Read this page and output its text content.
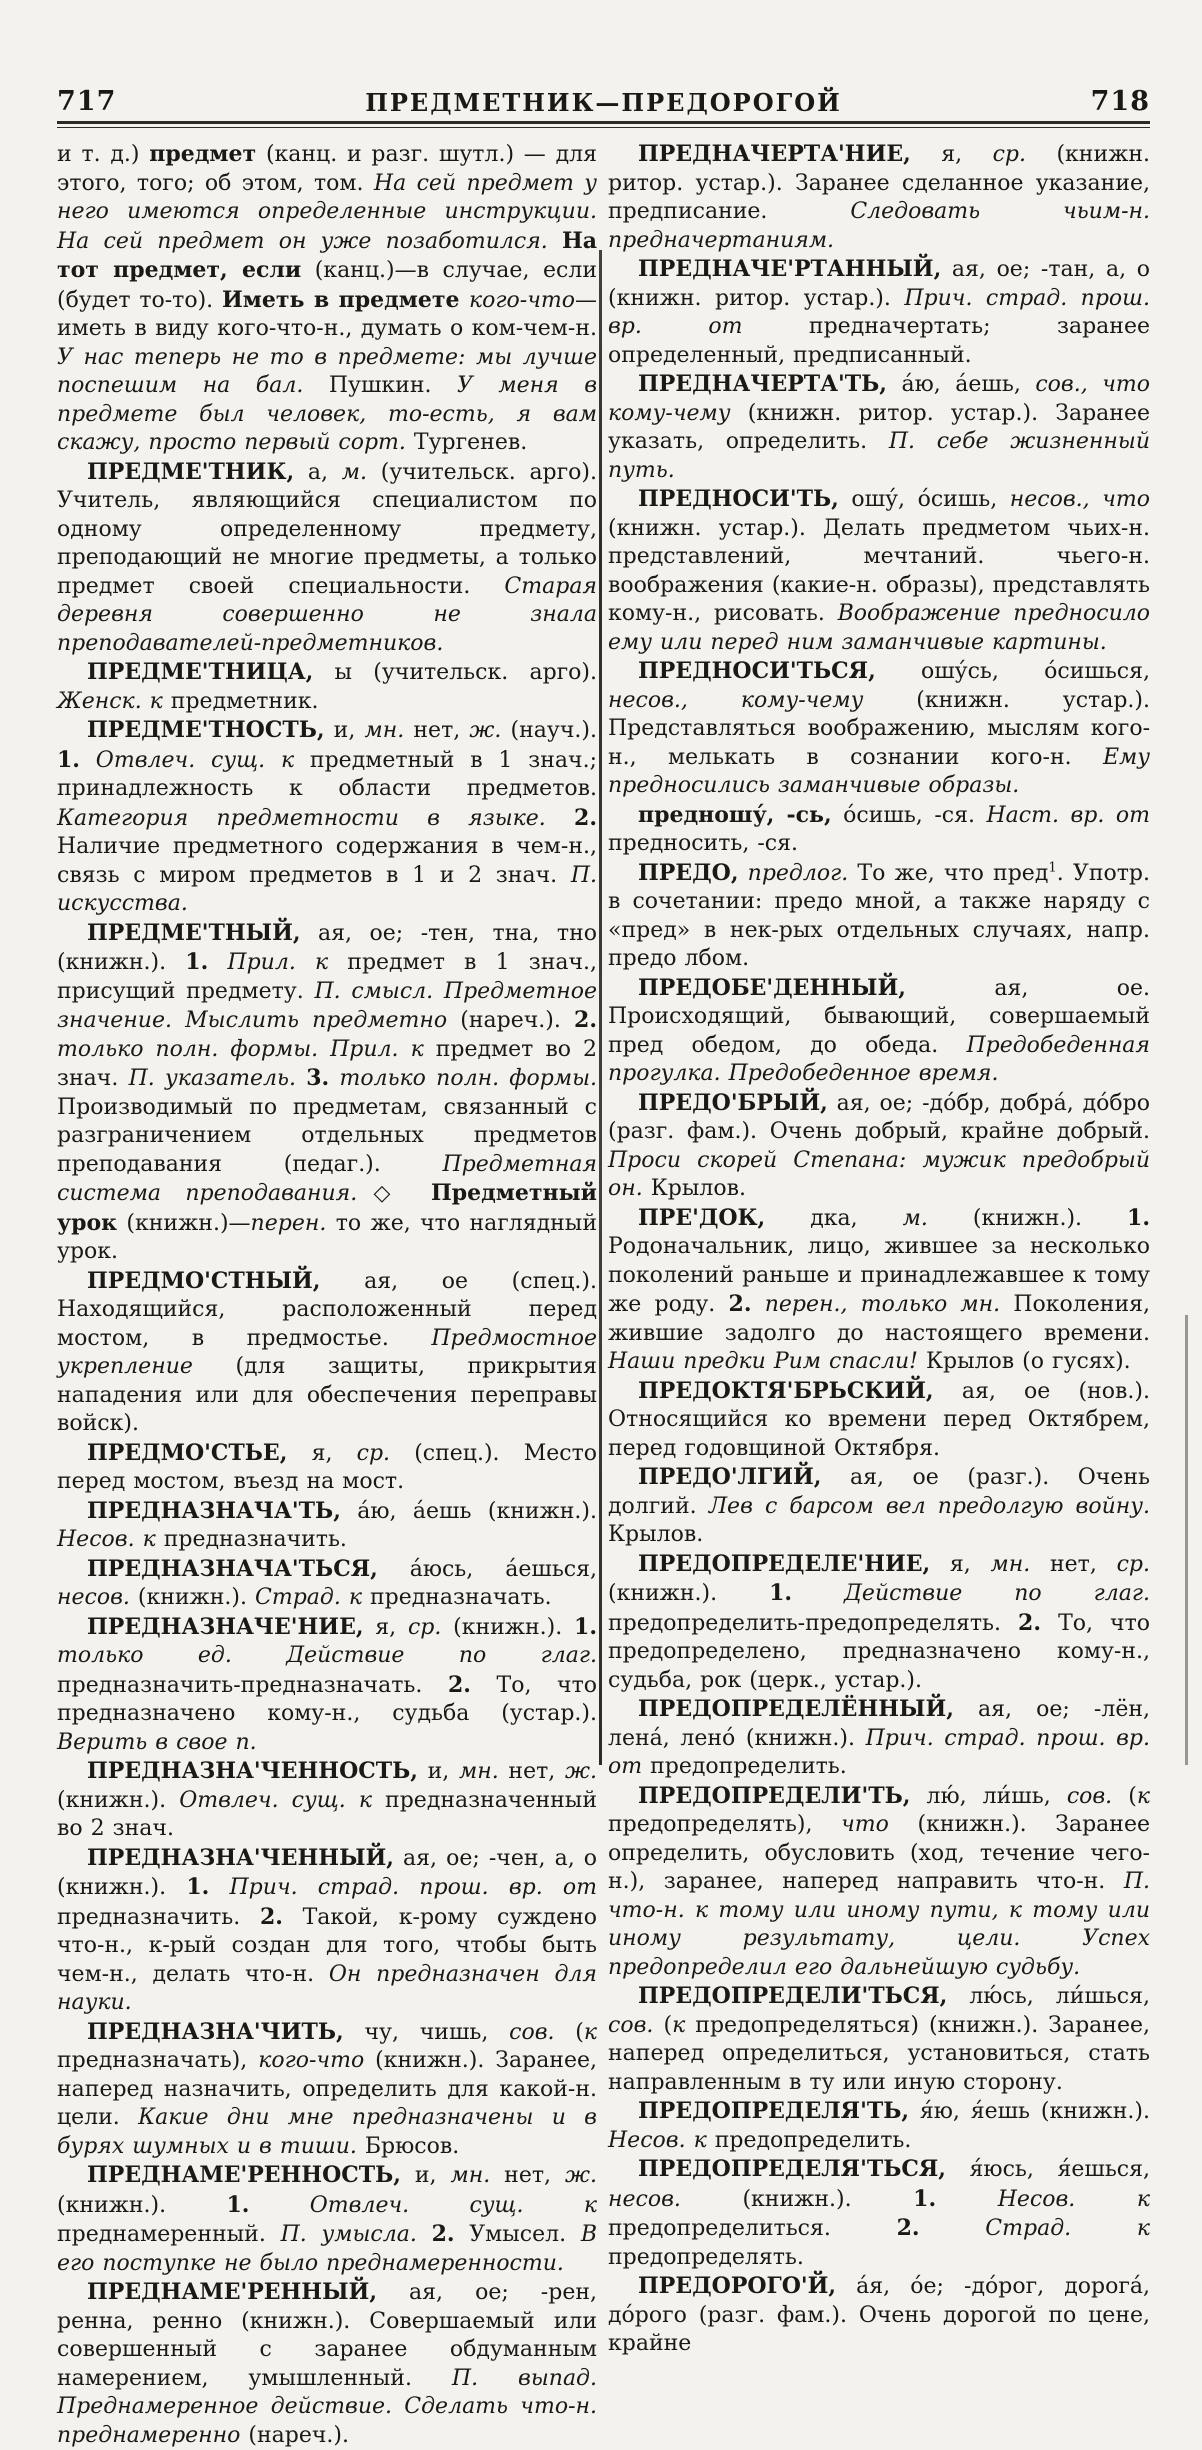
717	ПРЕДМЕТНИК—ПРЕДОРОГОЙ	718

и т. д.) предмет (канц. и разг. шутл.) — для этого, того; об этом, том. На сей предмет у него имеются определенные инструкции. На сей предмет он уже позаботился. На тот предмет, если (канц.)—в случае, если (будет то-то). Иметь в предмете кого-что—иметь в виду кого-что-н., думать о ком-чем-н. У нас теперь не то в предмете: мы лучше поспешим на бал. Пушкин. У меня в предмете был человек, то-есть, я вам скажу, просто первый сорт. Тургенев.

ПРЕДМЕ'ТНИК, а, м. (учительск. арго). Учитель, являющийся специалистом по одному определенному предмету, преподающий не многие предметы, а только предмет своей специальности. Старая деревня совершенно не знала преподавателей-предметников.

ПРЕДМЕ'ТНИЦА, ы (учительск. арго). Женск. к предметник.

ПРЕДМЕ'ТНОСТЬ, и, мн. нет, ж. (науч.). 1. Отвлеч. сущ. к предметный в 1 знач.; принадлежность к области предметов. Категория предметности в языке. 2. Наличие предметного содержания в чем-н., связь с миром предметов в 1 и 2 знач. П. искусства.

ПРЕДМЕ'ТНЫЙ, ая, ое; -тен, тна, тно (книжн.). 1. Прил. к предмет в 1 знач., присущий предмету. П. смысл. Предметное значение. Мыслить предметно (нареч.). 2. только полн. формы. Прил. к предмет во 2 знач. П. указатель. 3. только полн. формы. Производимый по предметам, связанный с разграничением отдельных предметов преподавания (педаг.). Предметная система преподавания.◇ Предметный урок (книжн.)—перен. то же, что наглядный урок.

ПРЕДМО'СТНЫЙ, ая, ое (спец.). Находящийся, расположенный перед мостом, в предмостье. Предмостное укрепление (для защиты, прикрытия нападения или для обеспечения переправы войск).

ПРЕДМО'СТЬЕ, я, ср. (спец.). Место перед мостом, въезд на мост.

ПРЕДНАЗНАЧА'ТЬ, а́ю, а́ешь (книжн.). Несов. к предназначить.

ПРЕДНАЗНАЧА'ТЬСЯ, а́юсь, а́ешься, несов. (книжн.). Страд. к предназначать.

ПРЕДНАЗНАЧЕ'НИЕ, я, ср. (книжн.). 1. только ед. Действие по глаг. предназначить-предназначать. 2. То, что предназначено кому-н., судьба (устар.). Верить в свое п.

ПРЕДНАЗНА'ЧЕННОСТЬ, и, мн. нет, ж. (книжн.). Отвлеч. сущ. к предназначенный во 2 знач.

ПРЕДНАЗНА'ЧЕННЫЙ, ая, ое; -чен, а, о (книжн.). 1. Прич. страд. прош. вр. от предназначить. 2. Такой, к-рому суждено что-н., к-рый создан для того, чтобы быть чем-н., делать что-н. Он предназначен для науки.

ПРЕДНАЗНА'ЧИТЬ, чу, чишь, сов. (к предназначать), кого-что (книжн.). Заранее, наперед назначить, определить для какой-н. цели. Какие дни мне предназначены и в бурях шумных и в тиши. Брюсов.

ПРЕДНАМЕ'РЕННОСТЬ, и, мн. нет, ж. (книжн.). 1.	Отвлеч. сущ. к преднамеренный. П. умысла. 2. Умысел. В его поступке не было преднамеренности.

ПРЕДНАМЕ'РЕННЫЙ, ая, ое; -рен, ренна, ренно (книжн.). Совершаемый или совершенный с заранее обдуманным намерением, умышленный. П. выпад. Преднамеренное действие. Сделать что-н. преднамеренно (нареч.).

ПРЕДНАЧЕРТА'НИЕ, я, ср. (книжн. ритор. устар.). Заранее сделанное указание, предписание. Следовать чьим-н. предначертаниям.

ПРЕДНАЧЕ'РТАННЫЙ, ая, ое; -тан, а, о (книжн. ритор. устар.). Прич. страд. прош. вр. от предначертать; заранее определенный, предписанный.

ПРЕДНАЧЕРТА'ТЬ, а́ю, а́ешь, сов., что кому-чему (книжн. ритор. устар.). Заранее указать, определить. П. себе жизненный путь.

ПРЕДНОСИ'ТЬ, ошу́, о́сишь, несов., что (книжн. устар.). Делать предметом чьих-н. представлений, мечтаний. чьего-н. воображения (какие-н. образы), представлять кому-н., рисовать. Воображение предносило ему или перед ним заманчивые картины.

ПРЕДНОСИ'ТЬСЯ, ошу́сь, о́сишься, несов., кому-чему (книжн. устар.). Представляться воображению, мыслям кого-н., мелькать в сознании кого-н. Ему предносились заманчивые образы.

предношу́, -сь, о́сишь, -ся. Наст. вр. от предносить, -ся.

ПРЕДО, предлог. То же, что пред$^1$. Употр. в сочетании: предо мной, а также наряду с «пред» в нек-рых отдельных случаях, напр. предо лбом.

ПРЕДОБЕ'ДЕННЫЙ, ая, ое. Происходящий, бывающий, совершаемый пред обедом, до обеда. Предобеденная прогулка. Предобеденное время.

ПРЕДО'БРЫЙ, ая, ое; -до́бр, добра́, до́бро (разг. фам.). Очень добрый, крайне добрый. Проси скорей Степана: мужик предобрый он. Крылов.

ПРЕ'ДОК, дка, м. (книжн.). 1. Родоначальник, лицо, жившее за несколько поколений раньше и принадлежавшее к тому же роду. 2. перен., только мн. Поколения, жившие задолго до настоящего времени. Наши предки Рим спасли! Крылов (о гусях).

ПРЕДОКТЯ'БРЬСКИЙ, ая, ое (нов.). Относящийся ко времени перед Октябрем, перед годовщиной Октября.

ПРЕДО'ЛГИЙ, ая, ое (разг.). Очень долгий. Лев с барсом вел предолгую войну. Крылов.

ПРЕДОПРЕДЕЛЕ'НИЕ, я, мн. нет, ср. (книжн.). 1. Действие по глаг. предопределить-предопределять. 2. То, что предопределено, предназначено кому-н., судьба, рок (церк., устар.).

ПРЕДОПРЕДЕЛЁННЫЙ, ая, ое; -лён, лена́, лено́ (книжн.). Прич. страд. прош. вр. от предопределить.

ПРЕДОПРЕДЕЛИ'ТЬ, лю́, ли́шь, сов. (к предопределять), что (книжн.). Заранее определить, обусловить (ход, течение чего-н.), заранее, наперед направить что-н. П. что-н. к тому или иному пути, к тому или иному результату, цели. Успех предопределил его дальнейшую судьбу.

ПРЕДОПРЕДЕЛИ'ТЬСЯ, лю́сь, ли́шься, сов. (к предопределяться) (книжн.). Заранее, наперед определиться, установиться, стать направленным в ту или иную сторону.

ПРЕДОПРЕДЕЛЯ'ТЬ, я́ю, я́ешь (книжн.). Несов. к предопределить.

ПРЕДОПРЕДЕЛЯ'ТЬСЯ, я́юсь, я́ешься, несов. (книжн.). 1.	Несов. к предопределиться. 2.	Страд. к предопределять.

ПРЕДОРОГО'Й, а́я, о́е; -до́рог, дорога́, до́рого (разг. фам.). Очень дорогой по цене, крайне
